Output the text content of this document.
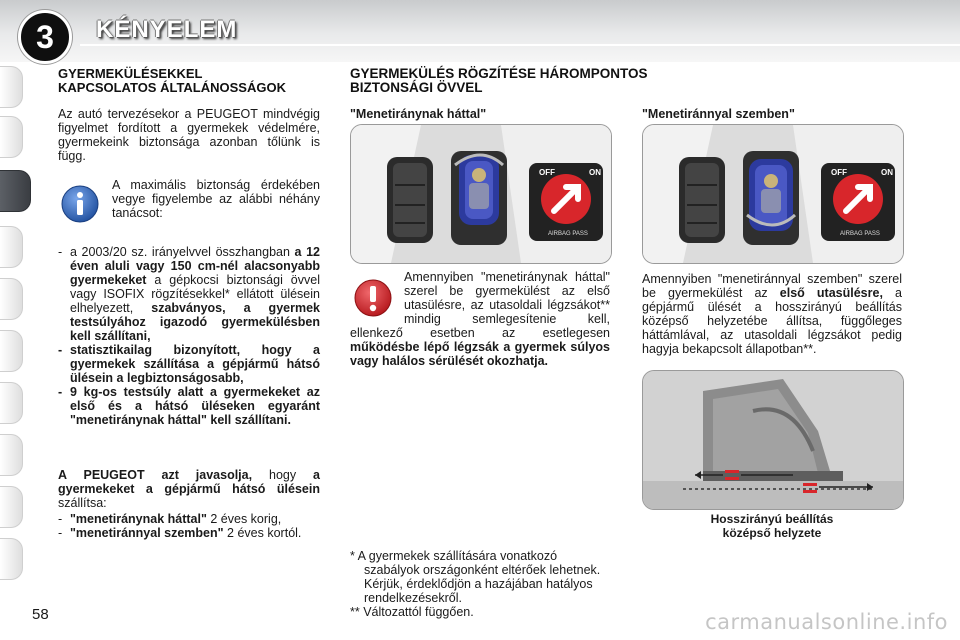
3	KÉNYELEM
GYERMEKÜLÉSEKKEL
KAPCSOLATOS ÁLTALÁNOSSÁGOK

Az autó tervezésekor a PEUGEOT mindvégig figyelmet fordított a gyermekek védelmére, gyermekeink biztonsága azonban tőlünk is függ.

A maximális biztonság érdekében vegye figyelembe az alábbi néhány tanácsot:

- a 2003/20 sz. irányelvvel összhangban a 12 éven aluli vagy 150 cm-nél alacsonyabb gyermekeket a gépkocsi biztonsági övvel vagy ISOFIX rögzítésekkel* ellátott ülésein elhelyezett, szabványos, a gyermek testsúlyához igazodó gyermekülésben kell szállítani,
- statisztikailag bizonyított, hogy a gyermekek szállítása a gépjármű hátsó ülésein a legbiztonságosabb,
- 9 kg-os testsúly alatt a gyermekeket az első és a hátsó üléseken egyaránt "menetiránynak háttal" kell szállítani.

A PEUGEOT azt javasolja, hogy a gyermekeket a gépjármű hátsó ülésein szállítsa:

- "menetiránynak háttal" 2 éves korig,
- "menetiránnyal szemben" 2 éves kortól.
58
GYERMEKÜLÉS RÖGZÍTÉSE HÁROMPONTOS
BIZTONSÁGI ÖVVEL
"Menetiránynak háttal"
OFF	ON
AIRBAG PASS

Amennyiben "menetiránynak háttal" szerel be gyermekülést az első utasülésre, az utasoldali légzsákot** mindig semlegesítenie kell, ellenkező esetben az esetlegesen működésbe lépő légzsák a gyermek súlyos vagy halálos sérülését okozhatja.

* A gyermekek szállítására vonatkozó szabályok országonként eltérőek lehetnek. Kérjük, érdeklődjön a hazájában hatályos rendelkezésekről.
** Változattól függően.
"Menetiránnyal szemben"
OFF	ON
AIRBAG PASS

Amennyiben "menetiránnyal szemben" szerel be gyermekülést az első utasülésre, a gépjármű ülését a hosszirányú beállítás középső helyzetébe állítsa, függőleges háttámlával, az utasoldali légzsákot pedig hagyja bekapcsolt állapotban**.

Hosszirányú beállítás
középső helyzete
carmanualsonline.info
